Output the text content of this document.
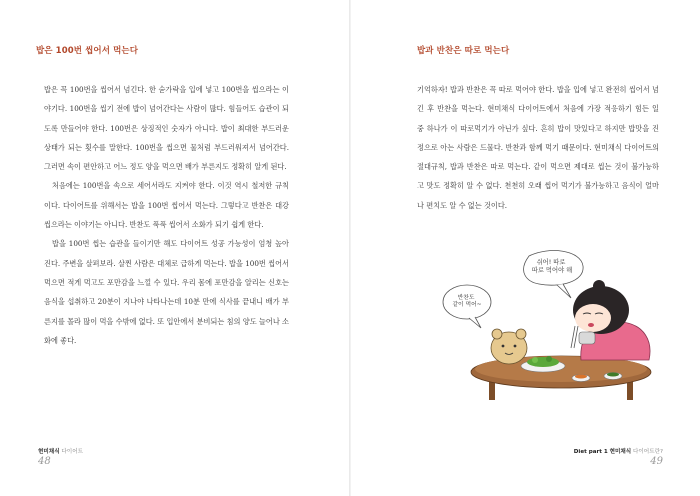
밥은 100번 씹어서 먹는다

밥은 꼭 100번을 씹어서 넘긴다. 한 숟가락을 입에 넣고 100번을 씹으라는 이야기다. 100번을 씹기 전에 밥이 넘어간다는 사람이 많다. 힘들어도 습관이 되도록 만들어야 한다. 100번은 상징적인 숫자가 아니다. 밥이 최대한 부드러운 상태가 되는 횟수를 말한다. 100번을 씹으면 물처럼 부드러워져서 넘어간다. 그러면 속이 편안하고 어느 정도 양을 먹으면 배가 부른지도 정확히 알게 된다.

처음에는 100번을 속으로 세어서라도 지켜야 한다. 이것 역시 철저한 규칙이다. 다이어트를 위해서는 밥을 100번 씹어서 먹는다. 그렇다고 반찬은 대강 씹으라는 이야기는 아니다. 반찬도 푹푹 씹어서 소화가 되기 쉽게 한다.

밥을 100번 씹는 습관을 들이기만 해도 다이어트 성공 가능성이 엄청 높아진다. 주변을 살펴보라. 살찐 사람은 대체로 급하게 먹는다. 밥을 100번 씹어서 먹으면 적게 먹고도 포만감을 느낄 수 있다. 우리 몸에 포만감을 알리는 신호는 음식을 섭취하고 20분이 지나야 나타나는데 10분 만에 식사를 끝내니 배가 부른지를 몰라 많이 먹을 수밖에 없다. 또 입안에서 분비되는 침의 양도 늘어나 소화에 좋다.

현미채식 다이어트
48
밥과 반찬은 따로 먹는다

기억하자! 밥과 반찬은 꼭 따로 먹어야 한다. 밥을 입에 넣고 완전히 씹어서 넘긴 후 반찬을 먹는다. 현미채식 다이어트에서 처음에 가장 적응하기 힘든 일 중 하나가 이 따로먹기가 아닌가 싶다. 흔히 밥이 맛있다고 하지만 밥맛을 진정으로 아는 사람은 드물다. 반찬과 함께 먹기 때문이다. 현미채식 다이어트의 절대규칙, 밥과 반찬은 따로 먹는다. 같이 먹으면 제대로 씹는 것이 불가능하고 맛도 정확히 알 수 없다. 천천히 오래 씹어 먹기가 불가능하고 음식이 얼마나 편치도 알 수 없는 것이다.

쉬어! 따로 따로 먹어야 해
반찬도 같이 먹어~
Diet part 1 현미채식 다이어트란?
49
